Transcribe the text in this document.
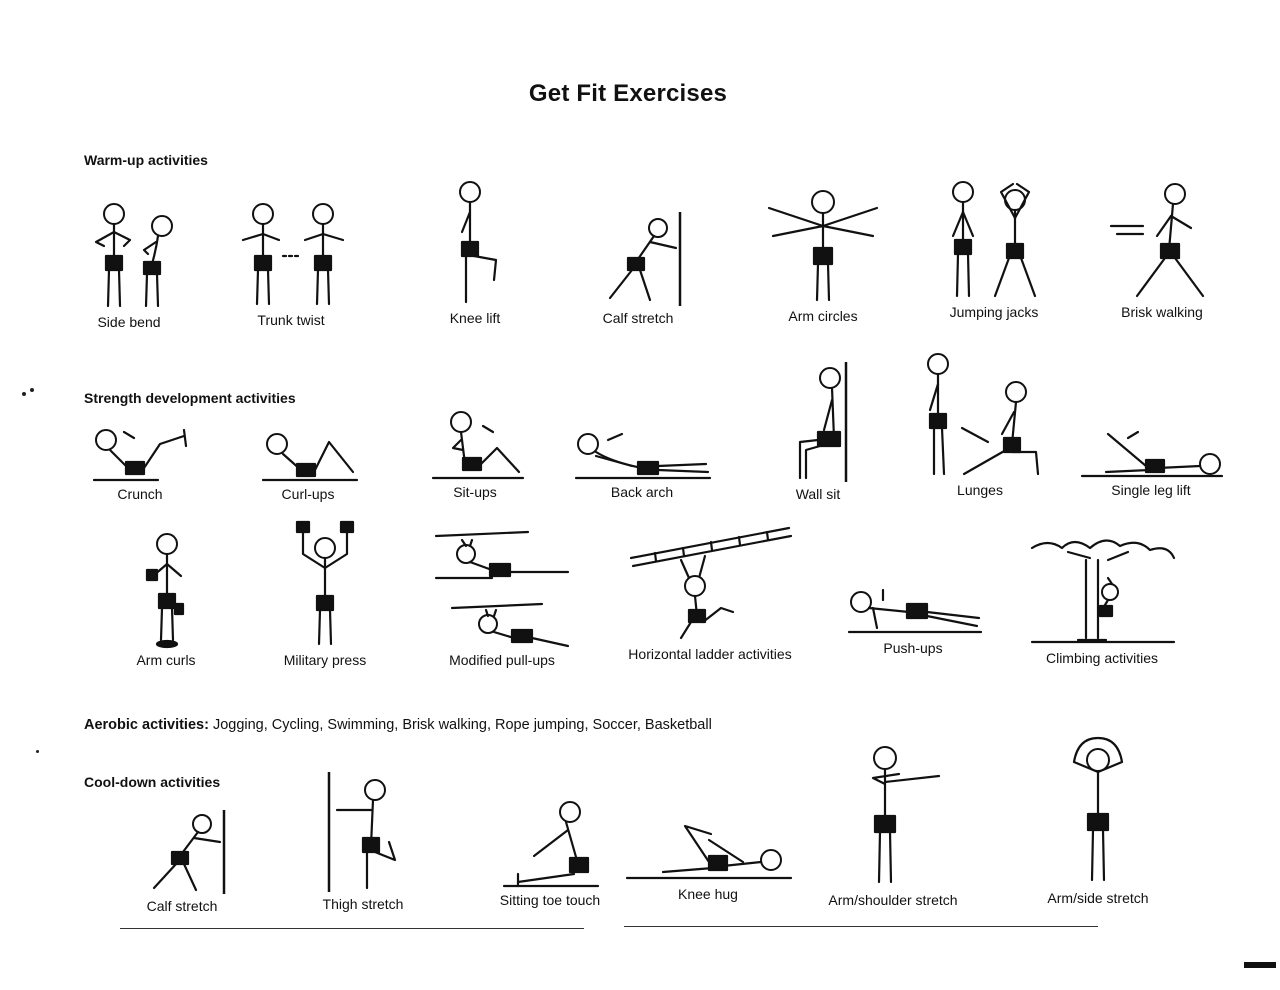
Get Fit Exercises
Warm-up activities
Side bend	Trunk twist	Knee lift	Calf stretch	Arm circles	Jumping jacks	Brisk walking
Strength development activities
Crunch	Curl-ups	Sit-ups	Back arch	Wall sit	Lunges	Single leg lift
Arm curls	Military press	Modified pull-ups	Horizontal ladder activities	Push-ups
Climbing activities
Aerobic activities: Jogging, Cycling, Swimming, Brisk walking, Rope jumping, Soccer, Basketball
Cool-down activities
Calf stretch	Thigh stretch	Sitting toe touch	Knee hug	Arm/shoulder stretch	Arm/side stretch
